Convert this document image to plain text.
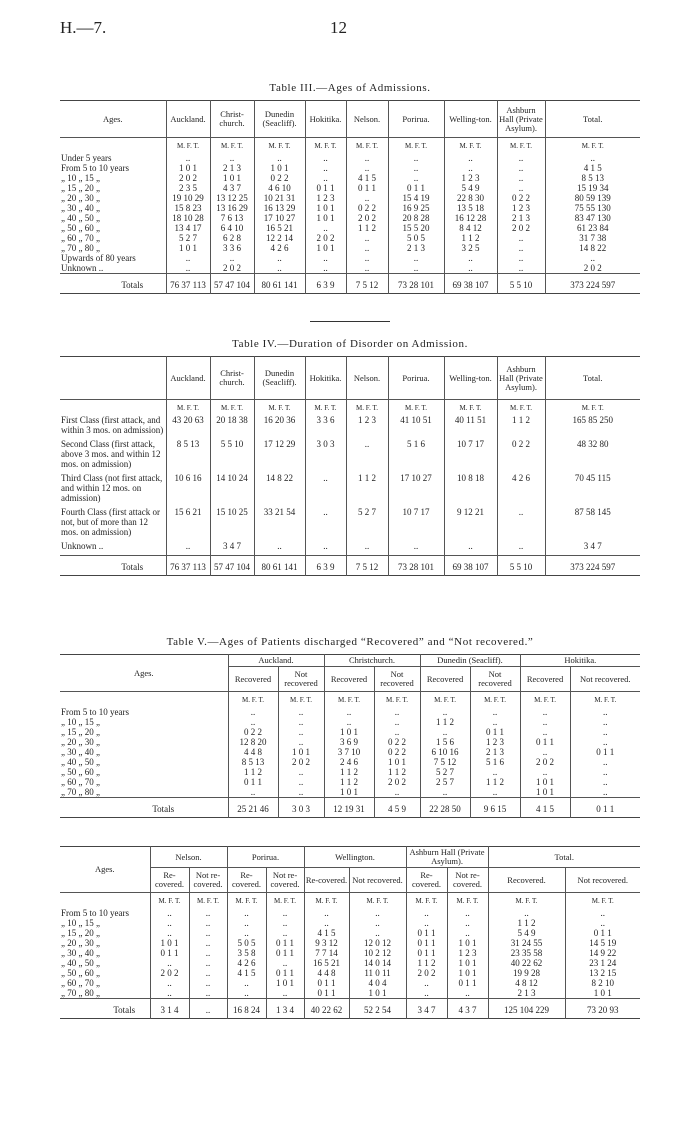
H.—7.	12
Table III.—Ages of Admissions.
Ages.	Auckland.	Christ-church.	Dunedin (Seacliff).	Hokitika.	Nelson.	Porirua.	Welling-ton.	Ashburn Hall (Private Asylum).	Total.
	M. F. T.	M. F. T.	M. F. T.	M. F. T.	M. F. T.	M. F. T.	M. F. T.	M. F. T.	M. F. T.
Under 5 years	..	..	..	..	..	..	..	..	..
From 5 to 10 years	1 0 1	2 1 3	1 0 1	..	..	..	..	..	4 1 5
„ 10 „ 15 „	2 0 2	1 0 1	0 2 2	..	4 1 5	..	1 2 3	..	8 5 13
„ 15 „ 20 „	2 3 5	4 3 7	4 6 10	0 1 1	0 1 1	0 1 1	5 4 9	..	15 19 34
„ 20 „ 30 „	19 10 29	13 12 25	10 21 31	1 2 3	..	15 4 19	22 8 30	0 2 2	80 59 139
„ 30 „ 40 „	15 8 23	13 16 29	16 13 29	1 0 1	0 2 2	16 9 25	13 5 18	1 2 3	75 55 130
„ 40 „ 50 „	18 10 28	7 6 13	17 10 27	1 0 1	2 0 2	20 8 28	16 12 28	2 1 3	83 47 130
„ 50 „ 60 „	13 4 17	6 4 10	16 5 21	..	1 1 2	15 5 20	8 4 12	2 0 2	61 23 84
„ 60 „ 70 „	5 2 7	6 2 8	12 2 14	2 0 2	..	5 0 5	1 1 2	..	31 7 38
„ 70 „ 80 „	1 0 1	3 3 6	4 2 6	1 0 1	..	2 1 3	3 2 5	..	14 8 22
Upwards of 80 years	..	..	..	..	..	..	..	..	..
Unknown ..	..	2 0 2	..	..	..	..	..	..	2 0 2
Totals	76 37 113	57 47 104	80 61 141	6 3 9	7 5 12	73 28 101	69 38 107	5 5 10	373 224 597
Table IV.—Duration of Disorder on Admission.
	Auckland.	Christ-church.	Dunedin (Seacliff).	Hokitika.	Nelson.	Porirua.	Welling-ton.	Ashburn Hall (Private Asylum).	Total.
	M. F. T.	M. F. T.	M. F. T.	M. F. T.	M. F. T.	M. F. T.	M. F. T.	M. F. T.	M. F. T.
First Class (first attack, and within 3 mos. on admission)	43 20 63	20 18 38	16 20 36	3 3 6	1 2 3	41 10 51	40 11 51	1 1 2	165 85 250
Second Class (first attack, above 3 mos. and within 12 mos. on admission)	8 5 13	5 5 10	17 12 29	3 0 3	..	5 1 6	10 7 17	0 2 2	48 32 80
Third Class (not first attack, and within 12 mos. on admission)	10 6 16	14 10 24	14 8 22	..	1 1 2	17 10 27	10 8 18	4 2 6	70 45 115
Fourth Class (first attack or not, but of more than 12 mos. on admission)	15 6 21	15 10 25	33 21 54	..	5 2 7	10 7 17	9 12 21	..	87 58 145
Unknown ..	..	3 4 7	..	..	..	..	..	..	3 4 7
Totals	76 37 113	57 47 104	80 61 141	6 3 9	7 5 12	73 28 101	69 38 107	5 5 10	373 224 597
Table V.—Ages of Patients discharged “Recovered” and “Not recovered.”
Ages.	Auckland.		Christchurch.		Dunedin (Seacliff).		Hokitika.	
	Recovered	Not recovered	Recovered	Not recovered	Recovered	Not recovered	Recovered	Not recovered.
	M. F. T.	M. F. T.	M. F. T.	M. F. T.	M. F. T.	M. F. T.	M. F. T.	M. F. T.
From 5 to 10 years	..	..	..	..	..	..	..	..
„ 10 „ 15 „	..	..	..	..	1 1 2	..	..	..
„ 15 „ 20 „	0 2 2	..	1 0 1	..	..	0 1 1	..	..
„ 20 „ 30 „	12 8 20	..	3 6 9	0 2 2	1 5 6	1 2 3	0 1 1	..
„ 30 „ 40 „	4 4 8	1 0 1	3 7 10	0 2 2	6 10 16	2 1 3	..	0 1 1
„ 40 „ 50 „	8 5 13	2 0 2	2 4 6	1 0 1	7 5 12	5 1 6	2 0 2	..
„ 50 „ 60 „	1 1 2	..	1 1 2	1 1 2	5 2 7	..	..	..
„ 60 „ 70 „	0 1 1	..	1 1 2	2 0 2	2 5 7	1 1 2	1 0 1	..
„ 70 „ 80 „	..	..	1 0 1	..	..	..	1 0 1	..
Totals	25 21 46	3 0 3	12 19 31	4 5 9	22 28 50	9 6 15	4 1 5	0 1 1
Ages.	Nelson.		Porirua.		Wellington.		Ashburn Hall (Private Asylum).		Total.	
	Re-covered.	Not re-covered.	Re-covered.	Not re-covered.	Re-covered.	Not recovered.	Re-covered.	Not re-covered.	Recovered.	Not recovered.
	M. F. T.	M. F. T.	M. F. T.	M. F. T.	M. F. T.	M. F. T.	M. F. T.	M. F. T.	M. F. T.	M. F. T.
From 5 to 10 years	..	..	..	..	..	..	..	..	..	..
„ 10 „ 15 „	..	..	..	..	..	..	..	..	1 1 2	..
„ 15 „ 20 „	..	..	..	..	4 1 5	..	0 1 1	..	5 4 9	0 1 1
„ 20 „ 30 „	1 0 1	..	5 0 5	0 1 1	9 3 12	12 0 12	0 1 1	1 0 1	31 24 55	14 5 19
„ 30 „ 40 „	0 1 1	..	3 5 8	0 1 1	7 7 14	10 2 12	0 1 1	1 2 3	23 35 58	14 9 22
„ 40 „ 50 „	..	..	4 2 6	..	16 5 21	14 0 14	1 1 2	1 0 1	40 22 62	23 1 24
„ 50 „ 60 „	2 0 2	..	4 1 5	0 1 1	4 4 8	11 0 11	2 0 2	1 0 1	19 9 28	13 2 15
„ 60 „ 70 „	..	..	..	1 0 1	0 1 1	4 0 4	..	0 1 1	4 8 12	8 2 10
„ 70 „ 80 „	..	..	..	..	0 1 1	1 0 1	..	..	2 1 3	1 0 1
Totals	3 1 4	..	16 8 24	1 3 4	40 22 62	52 2 54	3 4 7	4 3 7	125 104 229	73 20 93
